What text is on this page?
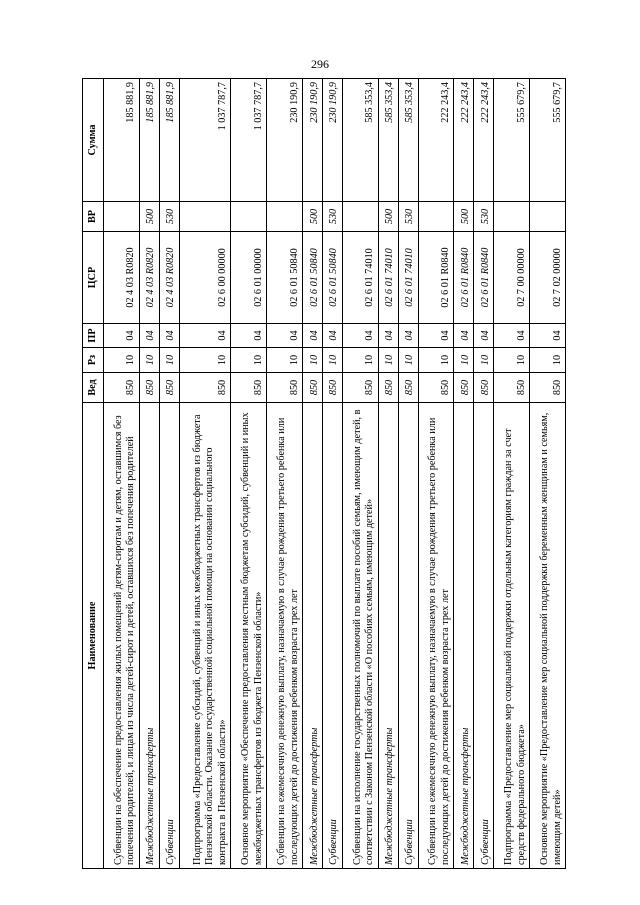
296
Наименование	Вед	Рз	ПР	ЦСР	ВР	Сумма
Субвенции на обеспечение предоставления жилых помещений детям-сиротам и детям, оставшимся без попечения родителей, и лицам из числа детей-сирот и детей, оставшихся без попечения родителей	850	10	04	02 4 03 R0820		185 881,9
Межбюджетные трансферты	850	10	04	02 4 03 R0820	500	185 881,9
Субвенции	850	10	04	02 4 03 R0820	530	185 881,9
Подпрограмма «Предоставление субсидий, субвенций и иных межбюджетных трансфертов из бюджета Пензенской области. Оказание государственной социальной помощи на основании социального контракта в Пензенской области»	850	10	04	02 6 00 00000		1 037 787,7
Основное мероприятие «Обеспечение предоставления местным бюджетам субсидий, субвенций и иных межбюджетных трансфертов из бюджета Пензенской области»	850	10	04	02 6 01 00000		1 037 787,7
Субвенции на ежемесячную денежную выплату, назначаемую в случае рождения третьего ребенка или последующих детей до достижения ребенком возраста трех лет	850	10	04	02 6 01 50840		230 190,9
Межбюджетные трансферты	850	10	04	02 6 01 50840	500	230 190,9
Субвенции	850	10	04	02 6 01 50840	530	230 190,9
Субвенции на исполнение государственных полномочий по выплате пособий семьям, имеющим детей, в соответствии с Законом Пензенской области «О пособиях семьям, имеющим детей»	850	10	04	02 6 01 74010		585 353,4
Межбюджетные трансферты	850	10	04	02 6 01 74010	500	585 353,4
Субвенции	850	10	04	02 6 01 74010	530	585 353,4
Субвенции на ежемесячную денежную выплату, назначаемую в случае рождения третьего ребенка или последующих детей до достижения ребенком возраста трех лет	850	10	04	02 6 01 R0840		222 243,4
Межбюджетные трансферты	850	10	04	02 6 01 R0840	500	222 243,4
Субвенции	850	10	04	02 6 01 R0840	530	222 243,4
Подпрограмма «Предоставление мер социальной поддержки отдельным категориям граждан за счет средств федерального бюджета»	850	10	04	02 7 00 00000		555 679,7
Основное мероприятие «Предоставление мер социальной поддержки беременным женщинам и семьям, имеющим детей»	850	10	04	02 7 02 00000		555 679,7
